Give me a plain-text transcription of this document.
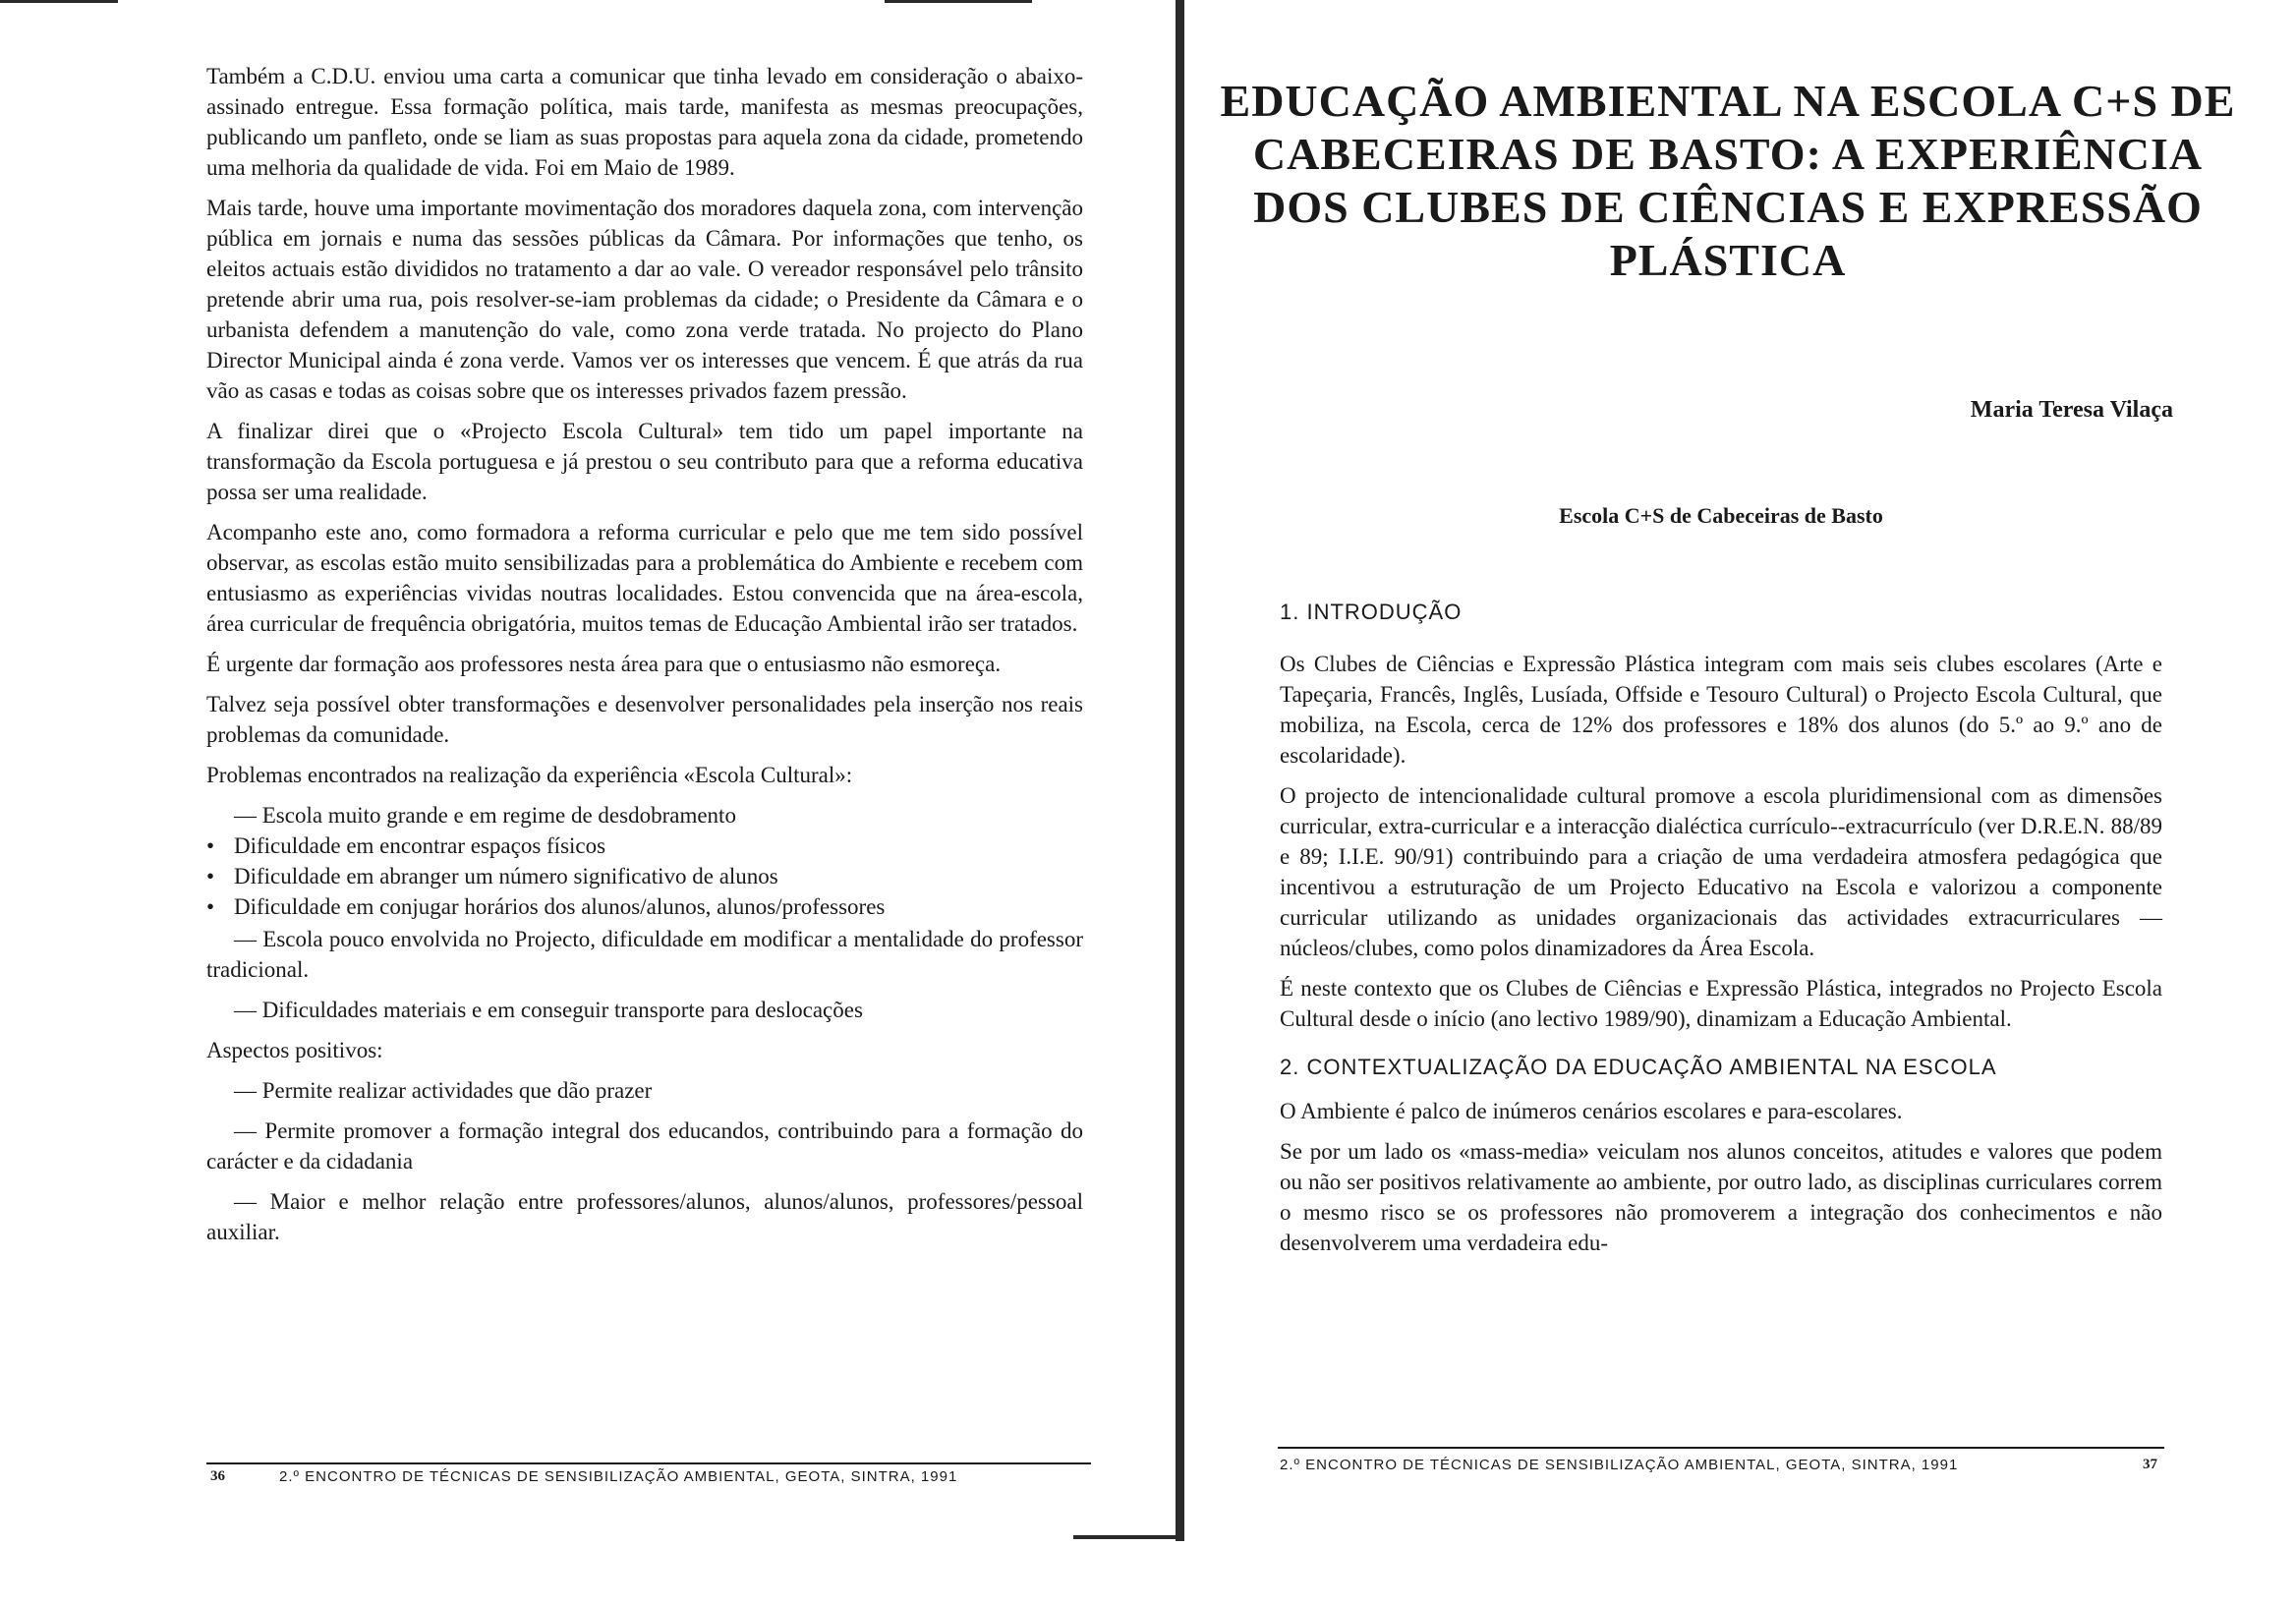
Também a C.D.U. enviou uma carta a comunicar que tinha levado em consideração o abaixo-assinado entregue. Essa formação política, mais tarde, manifesta as mesmas preocupações, publicando um panfleto, onde se liam as suas propostas para aquela zona da cidade, prometendo uma melhoria da qualidade de vida. Foi em Maio de 1989.

Mais tarde, houve uma importante movimentação dos moradores daquela zona, com intervenção pública em jornais e numa das sessões públicas da Câmara. Por informações que tenho, os eleitos actuais estão divididos no tratamento a dar ao vale. O vereador responsável pelo trânsito pretende abrir uma rua, pois resolver-se-iam problemas da cidade; o Presidente da Câmara e o urbanista defendem a manutenção do vale, como zona verde tratada. No projecto do Plano Director Municipal ainda é zona verde. Vamos ver os interesses que vencem. É que atrás da rua vão as casas e todas as coisas sobre que os interesses privados fazem pressão.

A finalizar direi que o «Projecto Escola Cultural» tem tido um papel importante na transformação da Escola portuguesa e já prestou o seu contributo para que a reforma educativa possa ser uma realidade.

Acompanho este ano, como formadora a reforma curricular e pelo que me tem sido possível observar, as escolas estão muito sensibilizadas para a problemática do Ambiente e recebem com entusiasmo as experiências vividas noutras localidades. Estou convencida que na área-escola, área curricular de frequência obrigatória, muitos temas de Educação Ambiental irão ser tratados.

É urgente dar formação aos professores nesta área para que o entusiasmo não esmoreça.

Talvez seja possível obter transformações e desenvolver personalidades pela inserção nos reais problemas da comunidade.

Problemas encontrados na realização da experiência «Escola Cultural»:

— Escola muito grande e em regime de desdobramento
• Dificuldade em encontrar espaços físicos
• Dificuldade em abranger um número significativo de alunos
• Dificuldade em conjugar horários dos alunos/alunos, alunos/professores

— Escola pouco envolvida no Projecto, dificuldade em modificar a mentalidade do professor tradicional.

— Dificuldades materiais e em conseguir transporte para deslocações

Aspectos positivos:

— Permite realizar actividades que dão prazer

— Permite promover a formação integral dos educandos, contribuindo para a formação do carácter e da cidadania

— Maior e melhor relação entre professores/alunos, alunos/alunos, professores/pessoal auxiliar.

36	2.º ENCONTRO DE TÉCNICAS DE SENSIBILIZAÇÃO AMBIENTAL, GEOTA, SINTRA, 1991
EDUCAÇÃO AMBIENTAL NA ESCOLA C+S DE CABECEIRAS DE BASTO: A EXPERIÊNCIA DOS CLUBES DE CIÊNCIAS E EXPRESSÃO PLÁSTICA

Maria Teresa Vilaça

Escola C+S de Cabeceiras de Basto

1. INTRODUÇÃO

Os Clubes de Ciências e Expressão Plástica integram com mais seis clubes escolares (Arte e Tapeçaria, Francês, Inglês, Lusíada, Offside e Tesouro Cultural) o Projecto Escola Cultural, que mobiliza, na Escola, cerca de 12% dos professores e 18% dos alunos (do 5.º ao 9.º ano de escolaridade).

O projecto de intencionalidade cultural promove a escola pluridimensional com as dimensões curricular, extra-curricular e a interacção dialéctica currículo--extracurrículo (ver D.R.E.N. 88/89 e 89; I.I.E. 90/91) contribuindo para a criação de uma verdadeira atmosfera pedagógica que incentivou a estruturação de um Projecto Educativo na Escola e valorizou a componente curricular utilizando as unidades organizacionais das actividades extracurriculares — núcleos/clubes, como polos dinamizadores da Área Escola.

É neste contexto que os Clubes de Ciências e Expressão Plástica, integrados no Projecto Escola Cultural desde o início (ano lectivo 1989/90), dinamizam a Educação Ambiental.

2. CONTEXTUALIZAÇÃO DA EDUCAÇÃO AMBIENTAL NA ESCOLA

O Ambiente é palco de inúmeros cenários escolares e para-escolares.

Se por um lado os «mass-media» veiculam nos alunos conceitos, atitudes e valores que podem ou não ser positivos relativamente ao ambiente, por outro lado, as disciplinas curriculares correm o mesmo risco se os professores não promoverem a integração dos conhecimentos e não desenvolverem uma verdadeira edu-

2.º ENCONTRO DE TÉCNICAS DE SENSIBILIZAÇÃO AMBIENTAL, GEOTA, SINTRA, 1991	37
